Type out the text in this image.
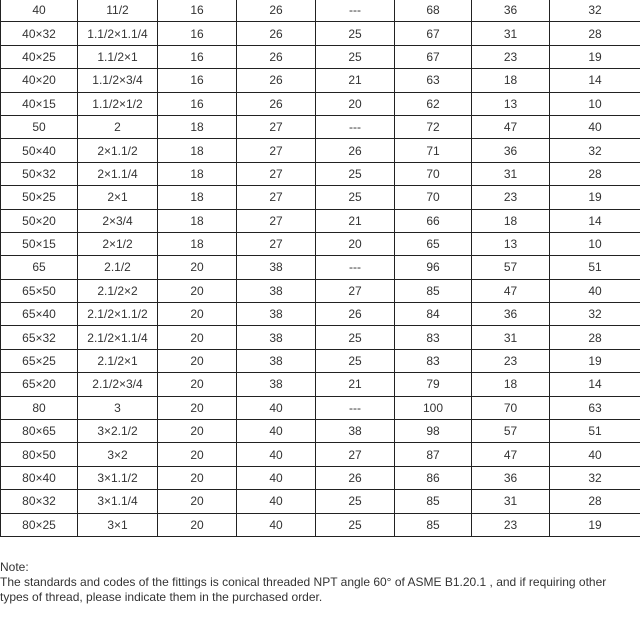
40	11/2	16	26	---	68	36	32
40×32	1.1/2×1.1/4	16	26	25	67	31	28
40×25	1.1/2×1	16	26	25	67	23	19
40×20	1.1/2×3/4	16	26	21	63	18	14
40×15	1.1/2×1/2	16	26	20	62	13	10
50	2	18	27	---	72	47	40
50×40	2×1.1/2	18	27	26	71	36	32
50×32	2×1.1/4	18	27	25	70	31	28
50×25	2×1	18	27	25	70	23	19
50×20	2×3/4	18	27	21	66	18	14
50×15	2×1/2	18	27	20	65	13	10
65	2.1/2	20	38	---	96	57	51
65×50	2.1/2×2	20	38	27	85	47	40
65×40	2.1/2×1.1/2	20	38	26	84	36	32
65×32	2.1/2×1.1/4	20	38	25	83	31	28
65×25	2.1/2×1	20	38	25	83	23	19
65×20	2.1/2×3/4	20	38	21	79	18	14
80	3	20	40	---	100	70	63
80×65	3×2.1/2	20	40	38	98	57	51
80×50	3×2	20	40	27	87	47	40
80×40	3×1.1/2	20	40	26	86	36	32
80×32	3×1.1/4	20	40	25	85	31	28
80×25	3×1	20	40	25	85	23	19

Note:

The standards and codes of the fittings is conical threaded NPT angle 60° of ASME B1.20.1 , and if requiring other

types of thread, please indicate them in the purchased order.
